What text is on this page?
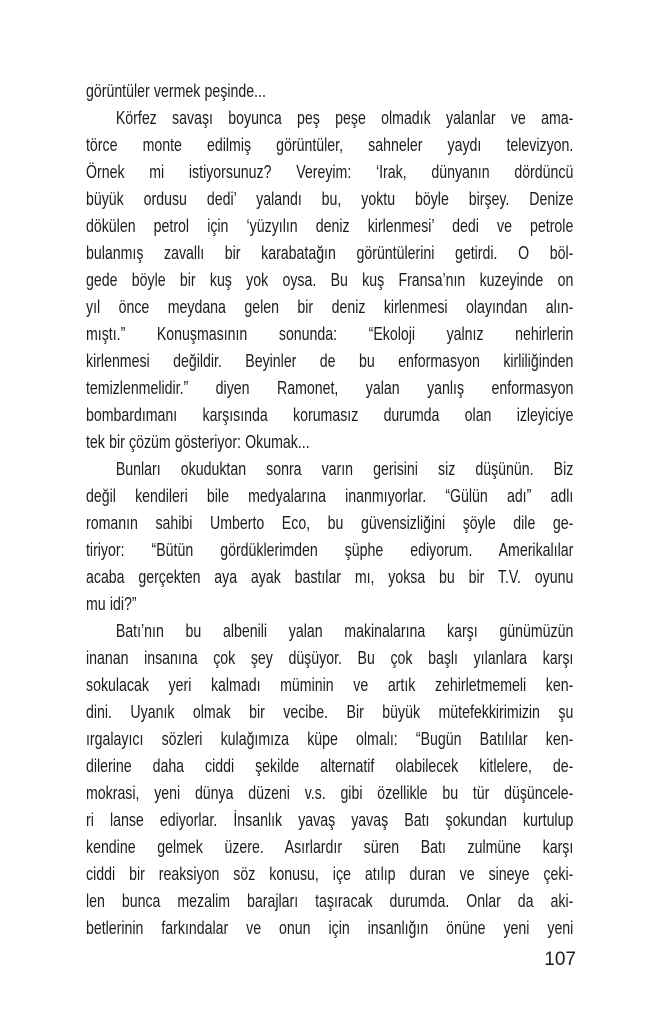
görüntüler vermek peşinde...
Körfez savaşı boyunca peş peşe olmadık yalanlar ve ama-
törce monte edilmiş görüntüler, sahneler yaydı televizyon.
Örnek mi istiyorsunuz? Vereyim: ‘Irak, dünyanın dördüncü
büyük ordusu dedi’ yalandı bu, yoktu böyle birşey. Denize
dökülen petrol için ‘yüzyılın deniz kirlenmesi’ dedi ve petrole
bulanmış zavallı bir karabatağın görüntülerini getirdi. O böl-
gede böyle bir kuş yok oysa. Bu kuş Fransa’nın kuzeyinde on
yıl önce meydana gelen bir deniz kirlenmesi olayından alın-
mıştı.” Konuşmasının sonunda: “Ekoloji yalnız nehirlerin
kirlenmesi değildir. Beyinler de bu enformasyon kirliliğinden
temizlenmelidir.” diyen Ramonet, yalan yanlış enformasyon
bombardımanı karşısında korumasız durumda olan izleyiciye
tek bir çözüm gösteriyor: Okumak...
Bunları okuduktan sonra varın gerisini siz düşünün. Biz
değil kendileri bile medyalarına inanmıyorlar. “Gülün adı” adlı
romanın sahibi Umberto Eco, bu güvensizliğini şöyle dile ge-
tiriyor: “Bütün gördüklerimden şüphe ediyorum. Amerikalılar
acaba gerçekten aya ayak bastılar mı, yoksa bu bir T.V. oyunu
mu idi?”
Batı’nın bu albenili yalan makinalarına karşı günümüzün
inanan insanına çok şey düşüyor. Bu çok başlı yılanlara karşı
sokulacak yeri kalmadı müminin ve artık zehirletmemeli ken-
dini. Uyanık olmak bir vecibe. Bir büyük mütefekkirimizin şu
ırgalayıcı sözleri kulağımıza küpe olmalı: “Bugün Batılılar ken-
dilerine daha ciddi şekilde alternatif olabilecek kitlelere, de-
mokrasi, yeni dünya düzeni v.s. gibi özellikle bu tür düşüncele-
ri lanse ediyorlar. İnsanlık yavaş yavaş Batı şokundan kurtulup
kendine gelmek üzere. Asırlardır süren Batı zulmüne karşı
ciddi bir reaksiyon söz konusu, içe atılıp duran ve sineye çeki-
len bunca mezalim barajları taşıracak durumda. Onlar da aki-
betlerinin farkındalar ve onun için insanlığın önüne yeni yeni
107
